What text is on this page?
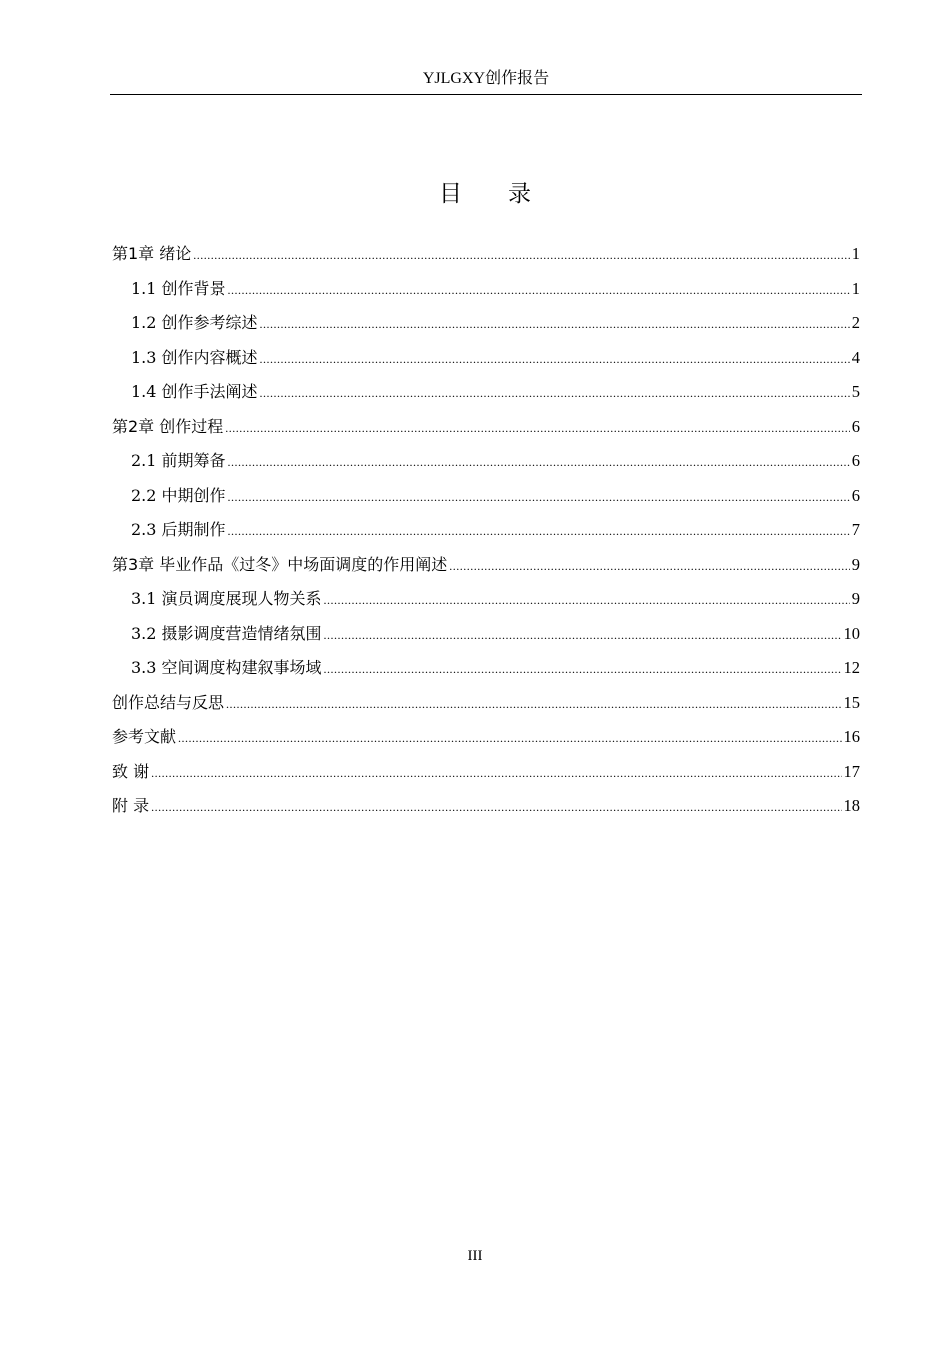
YJLGXY创作报告
目 录
第1章 绪论 .....	1
1.1 创作背景 .....	1
1.2 创作参考综述 .....	2
1.3 创作内容概述 .....	4
1.4 创作手法阐述 .....	5
第2章 创作过程 .....	6
2.1 前期筹备 .....	6
2.2 中期创作 .....	6
2.3 后期制作 .....	7
第3章 毕业作品《过冬》中场面调度的作用阐述 .....	9
3.1 演员调度展现人物关系 .....	9
3.2 摄影调度营造情绪氛围 .....	10
3.3 空间调度构建叙事场域 .....	12
创作总结与反思 .....	15
参考文献 .....	16
致 谢 .....	17
附 录 .....	18
III
